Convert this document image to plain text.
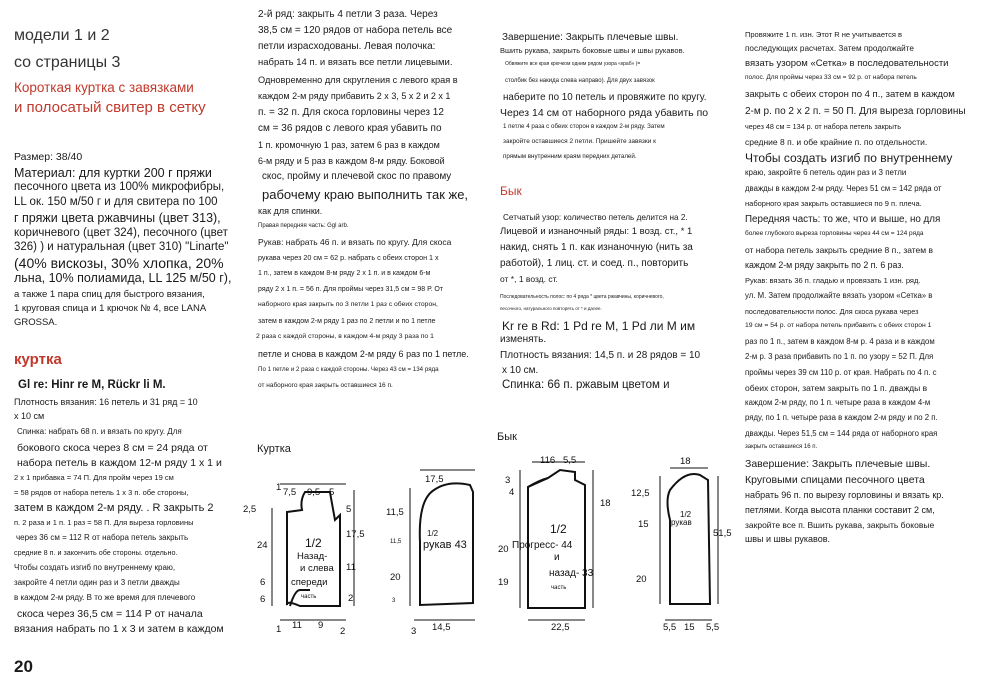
модели 1 и 2
со страницы 3
Короткая куртка с завязками
и полосатый свитер в сетку
Размер: 38/40
Материал: для куртки 200 г пряжи
песочного цвета из 100% микрофибры,
LL ок. 150 м/50 г и для свитера по 100
г пряжи цвета ржавчины (цвет 313),
коричневого (цвет 324), песочного (цвет
326) ) и натуральная (цвет 310) "Linarte"
(40% вискозы, 30% хлопка, 20%
льна, 10% полиамида, LL 125 м/50 г),
а также 1 пара спиц для быстрого вязания,
1 круговая спица и 1 крючок № 4, все LANA
GROSSA.
куртка
Gl re: Hinr re M, Rückr li M.
Плотность вязания: 16 петель и 31 ряд = 10
х 10 см
Спинка: набрать 68 п. и вязать по кругу. Для
бокового скоса через 8 см = 24 ряда от
набора петель в каждом 12-м ряду 1 х 1 и
2 х 1 прибавка = 74 П. Для пройм через 19 см
= 58 рядов от набора петель 1 х 3 п. обе стороны,
затем в каждом 2-м ряду. . R закрыть 2
п. 2 раза и 1 п. 1 раз = 58 П. Для выреза горловины
через 36 см = 112 R от набора петель закрыть
средние 8 п. и закончить обе стороны. отдельно.
Чтобы создать изгиб по внутреннему краю,
закройте 4 петли один раз и 3 петли дважды
в каждом 2-м ряду. В то же время для плечевого
скоса через 36,5 см = 114 Р от начала
вязания набрать по 1 х 3 и затем в каждом
20
2-й ряд: закрыть 4 петли 3 раза. Через
38,5 см = 120 рядов от набора петель все
петли израсходованы. Левая полочка:
набрать 14 п. и вязать все петли лицевыми.
Одновременно для скругления с левого края в
каждом 2-м ряду прибавить 2 х 3, 5 х 2 и 2 х 1
п. = 32 п. Для скоса горловины через 12
см = 36 рядов с левого края убавить по
1 п. кромочную 1 раз, затем 6 раз в каждом
6-м ряду и 5 раз в каждом 8-м ряду. Боковой
скос, пройму и плечевой скос по правому
рабочему краю выполнить так же,
как для спинки.
Правая передняя часть: Ggl arb.
Рукав: набрать 46 п. и вязать по кругу. Для скоса
рукава через 20 см = 62 р. набрать с обеих сторон 1 х
1 п., затем в каждом 8-м ряду 2 х 1 п. и в каждом 6-м
ряду 2 х 1 п. = 56 п. Для проймы через 31,5 см = 98 Р. От
наборного края закрыть по 3 петли 1 раз с обеих сторон,
затем в каждом 2-м ряду 1 раз по 2 петли и по 1 петле
2 раза с каждой стороны, в каждом 4-м ряду 3 раза по 1
петле и снова в каждом 2-м ряду 6 раз по 1 петле.
По 1 петле и 2 раза с каждой стороны. Через 43 см = 134 ряда
от наборного края закрыть оставшиеся 16 п.
Завершение: Закрыть плечевые швы.
Вшить рукава, закрыть боковые швы и швы рукавов.
Обвяжите все края крючком одним рядом узора «краб» (=
столбик без накида слева направо). Для двух завязок
наберите по 10 петель и провяжите по кругу.
Через 14 см от наборного ряда убавить по
1 петле 4 раза с обеих сторон в каждом 2-м ряду. Затем
закройте оставшиеся 2 петли. Пришейте завязки к
прямым внутренним краям передних деталей.
Бык
Сетчатый узор: количество петель делится на 2.
Лицевой и изнаночный ряды: 1 возд. ст., * 1
накид, снять 1 п. как изнаночную (нить за
работой), 1 лиц. ст. и соед. п., повторить
от *, 1 возд. ст.
Последовательность полос: по 4 ряда * цвета ржавчины, коричневого,
песочного, натурального повторять от * и далее.
Kr re в Rd: 1 Pd re M, 1 Pd ли M им
изменять.
Плотность вязания: 14,5 п. и 28 рядов = 10
х 10 см.
Спинка: 66 п. ржавым цветом и
Провяжите 1 п. изн. Этот R не учитывается в
последующих расчетах. Затем продолжайте
вязать узором «Сетка» в последовательности
полос. Для проймы через 33 см = 92 р. от набора петель
закрыть с обеих сторон по 4 п., затем в каждом
2-м р. по 2 х 2 п. = 50 П. Для выреза горловины
через 48 см = 134 р. от набора петель закрыть
средние 8 п. и обе крайние п. по отдельности.
Чтобы создать изгиб по внутреннему
краю, закройте 6 петель один раз и 3 петли
дважды в каждом 2-м ряду. Через 51 см = 142 ряда от
наборного края закрыть оставшиеся по 9 п. плеча.
Передняя часть: то же, что и выше, но для
более глубокого выреза горловины через 44 см = 124 ряда
от набора петель закрыть средние 8 п., затем в
каждом 2-м ряду закрыть по 2 п. 6 раз.
Рукав: вязать 36 п. гладью и провязать 1 изн. ряд.
ул. М. Затем продолжайте вязать узором «Сетка» в
последовательности полос. Для скоса рукава через
19 см = 54 р. от набора петель прибавить с обеих сторон 1
раз по 1 п., затем в каждом 8-м р. 4 раза и в каждом
2-м р. 3 раза прибавить по 1 п. по узору = 52 П. Для
проймы через 39 см 110 р. от края. Набрать по 4 п. с
обеих сторон, затем закрыть по 1 п. дважды в
каждом 2-м ряду, по 1 п. четыре раза в каждом 4-м
ряду, по 1 п. четыре раза в каждом 2-м ряду и по 2 п.
дважды. Через 51,5 см = 144 ряда от наборного края
закрыть оставшиеся 16 п.
Завершение: Закрыть плечевые швы.
Круговыми спицами песочного цвета
набрать 96 п. по вырезу горловины и вязать кр.
петлями. Когда высота планки составит 2 см,
закройте все п. Вшить рукава, закрыть боковые
швы и швы рукавов.
Куртка
Бык
1 7,5 9,5 5
2,5
24
6
6
5
17,5
11
2
1/2
Назад-
и слева
спереди
часть
1 11 9
2
17,5
11,5
11,5
20
3
1/2
рукав 43
3 14,5
116 5,5
3
4
18
20
19
1/2
Прогресс- 44
и
назад- 33
часть
22,5
18
12,5
15
20
1/2
рукав
51,5
5,5 15 5,5
